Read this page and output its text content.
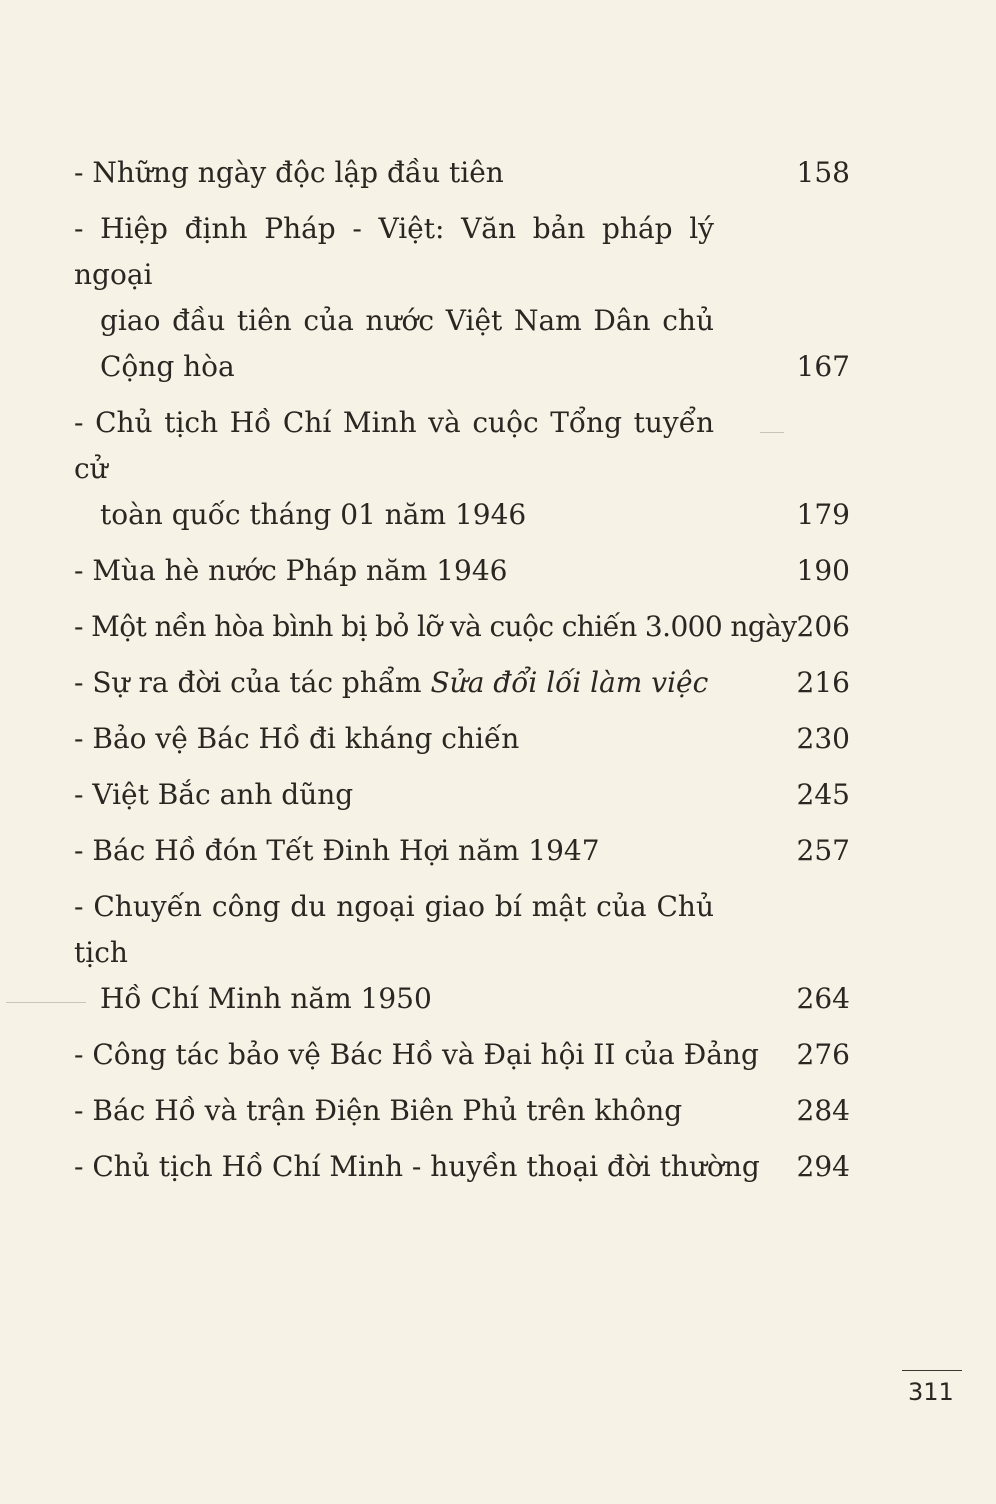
- Những ngày độc lập đầu tiên	158
- Hiệp định Pháp - Việt: Văn bản pháp lý ngoại
giao đầu tiên của nước Việt Nam Dân chủ
Cộng hòa	167
- Chủ tịch Hồ Chí Minh và cuộc Tổng tuyển cử
toàn quốc tháng 01 năm 1946	179
- Mùa hè nước Pháp năm 1946	190
- Một nền hòa bình bị bỏ lỡ và cuộc chiến 3.000 ngày 206
- Sự ra đời của tác phẩm Sửa đổi lối làm việc	216
- Bảo vệ Bác Hồ đi kháng chiến	230
- Việt Bắc anh dũng	245
- Bác Hồ đón Tết Đinh Hợi năm 1947	257
- Chuyến công du ngoại giao bí mật của Chủ tịch
Hồ Chí Minh năm 1950	264
- Công tác bảo vệ Bác Hồ và Đại hội II của Đảng	276
- Bác Hồ và trận Điện Biên Phủ trên không	284
- Chủ tịch Hồ Chí Minh - huyền thoại đời thường	294
311
